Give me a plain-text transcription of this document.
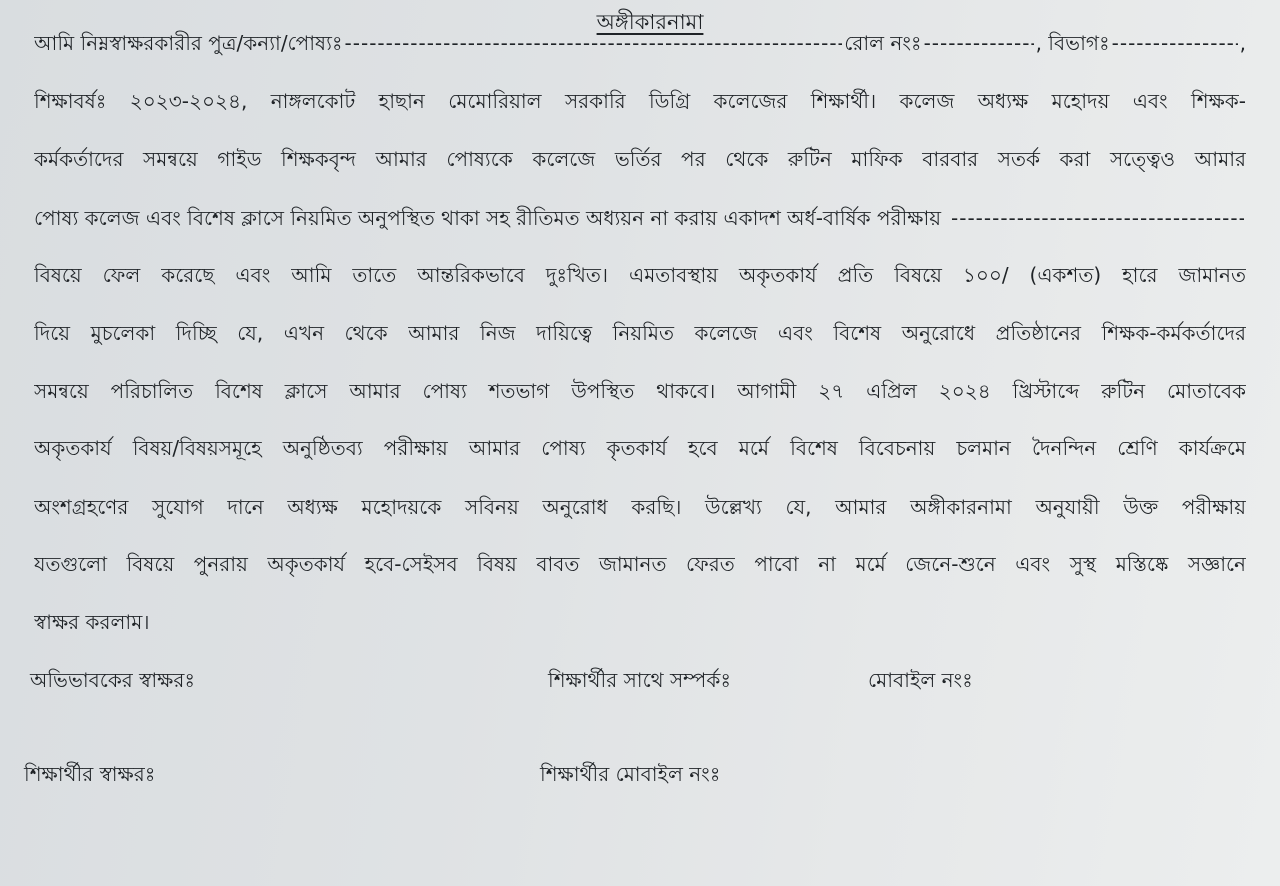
অঙ্গীকারনামা
আমি নিম্নস্বাক্ষরকারীর পুত্র/কন্যা/পোষ্যঃ -----	রোল নংঃ -----	, বিভাগঃ -----	,
শিক্ষাবর্ষঃ ২০২৩-২০২৪, নাঙ্গলকোট হাছান মেমোরিয়াল সরকারি ডিগ্রি কলেজের শিক্ষার্থী। কলেজ অধ্যক্ষ মহোদয় এবং শিক্ষক-
কর্মকর্তাদের সমন্বয়ে গাইড শিক্ষকবৃন্দ আমার পোষ্যকে কলেজে ভর্তির পর থেকে রুটিন মাফিক বারবার সতর্ক করা সত্ত্বেও আমার
পোষ্য কলেজ এবং বিশেষ ক্লাসে নিয়মিত অনুপস্থিত থাকা সহ রীতিমত অধ্যয়ন না করায় একাদশ অর্ধ-বার্ষিক পরীক্ষায়
-----
বিষয়ে ফেল করেছে এবং আমি তাতে আন্তরিকভাবে দুঃখিত। এমতাবস্থায় অকৃতকার্য প্রতি বিষয়ে ১০০/ (একশত) হারে জামানত
দিয়ে মুচলেকা দিচ্ছি যে, এখন থেকে আমার নিজ দায়িত্বে নিয়মিত কলেজে এবং বিশেষ অনুরোধে প্রতিষ্ঠানের শিক্ষক-কর্মকর্তাদের
সমন্বয়ে পরিচালিত বিশেষ ক্লাসে আমার পোষ্য শতভাগ উপস্থিত থাকবে। আগামী ২৭ এপ্রিল ২০২৪ খ্রিস্টাব্দে রুটিন মোতাবেক
অকৃতকার্য বিষয়/বিষয়সমূহে অনুষ্ঠিতব্য পরীক্ষায় আমার পোষ্য কৃতকার্য হবে মর্মে বিশেষ বিবেচনায় চলমান দৈনন্দিন শ্রেণি কার্যক্রমে
অংশগ্রহণের সুযোগ দানে অধ্যক্ষ মহোদয়কে সবিনয় অনুরোধ করছি। উল্লেখ্য যে, আমার অঙ্গীকারনামা অনুযায়ী উক্ত পরীক্ষায়
যতগুলো বিষয়ে পুনরায় অকৃতকার্য হবে-সেইসব বিষয় বাবত জামানত ফেরত পাবো না মর্মে জেনে-শুনে এবং সুস্থ মস্তিষ্কে সজ্ঞানে
স্বাক্ষর করলাম।
অভিভাবকের স্বাক্ষরঃ	শিক্ষার্থীর সাথে সম্পর্কঃ	মোবাইল নংঃ
শিক্ষার্থীর স্বাক্ষরঃ	শিক্ষার্থীর মোবাইল নংঃ
